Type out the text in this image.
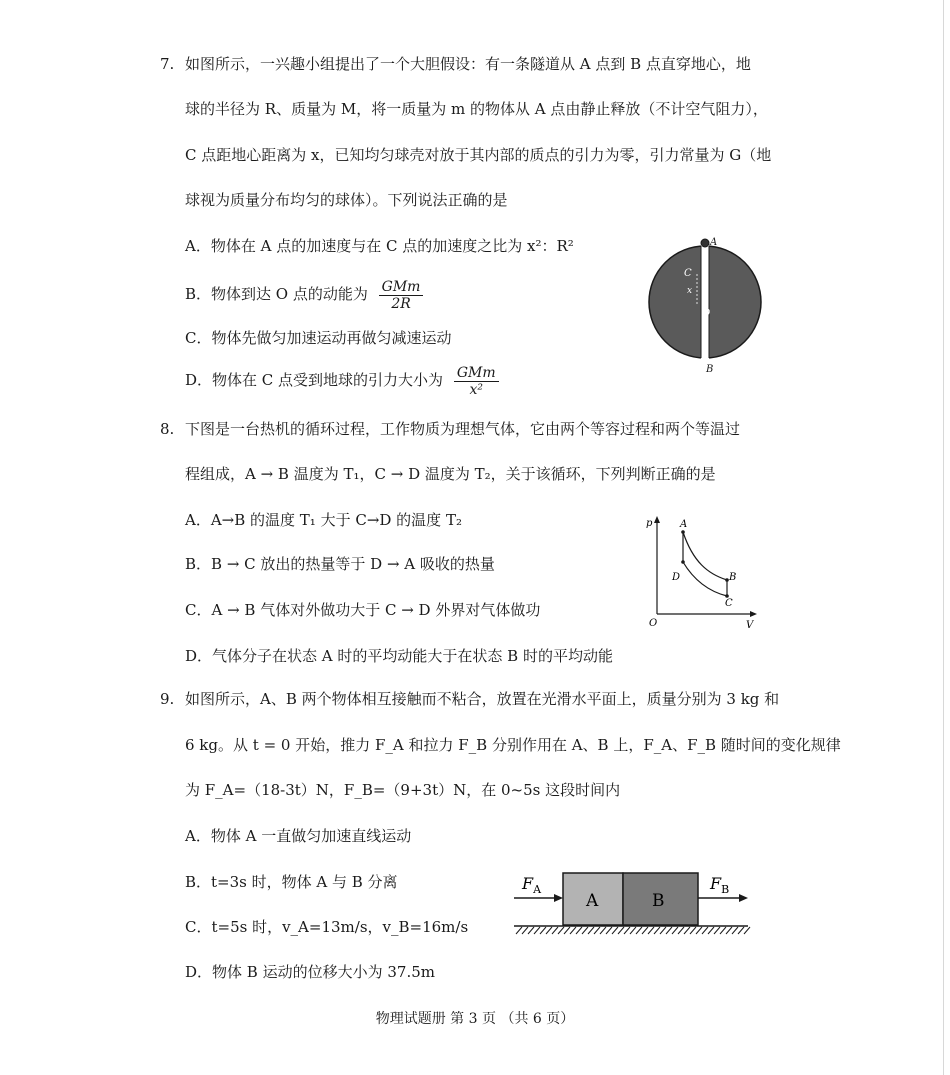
7. 如图所示，一兴趣小组提出了一个大胆假设：有一条隧道从 A 点到 B 点直穿地心，地
球的半径为 R、质量为 M，将一质量为 m 的物体从 A 点由静止释放（不计空气阻力），
C 点距地心距离为 x，已知均匀球壳对放于其内部的质点的引力为零，引力常量为 G（地
球视为质量分布均匀的球体）。下列说法正确的是
A．物体在 A 点的加速度与在 C 点的加速度之比为 x²：R²
B．物体到达 O 点的动能为 $\frac{\text{GMm}}{2R}$
C．物体先做匀加速运动再做匀减速运动
D．物体在 C 点受到地球的引力大小为 $\frac{\text{GMm}}{\text{x²}}$
A
C
x
O
B
8. 下图是一台热机的循环过程，工作物质为理想气体，它由两个等容过程和两个等温过
程组成，A → B 温度为 T₁，C → D 温度为 T₂，关于该循环，下列判断正确的是
A．A→B 的温度 T₁ 大于 C→D 的温度 T₂
B．B → C 放出的热量等于 D → A 吸收的热量
C．A → B 气体对外做功大于 C → D 外界对气体做功
D．气体分子在状态 A 时的平均动能大于在状态 B 时的平均动能
p
V
O
A
B
C
D
9. 如图所示，A、B 两个物体相互接触而不粘合，放置在光滑水平面上，质量分别为 3 kg 和
6 kg。从 t = 0 开始，推力 F_A 和拉力 F_B 分别作用在 A、B 上，F_A、F_B 随时间的变化规律
为 F_A=（18-3t）N，F_B=（9+3t）N，在 0~5s 这段时间内
A．物体 A 一直做匀加速直线运动
B．t=3s 时，物体 A 与 B 分离
C．t=5s 时，v_A=13m/s，v_B=16m/s
D．物体 B 运动的位移大小为 37.5m
A	B
$F_A$	$F_B$
物理试题册 第 3 页 （共 6 页）
